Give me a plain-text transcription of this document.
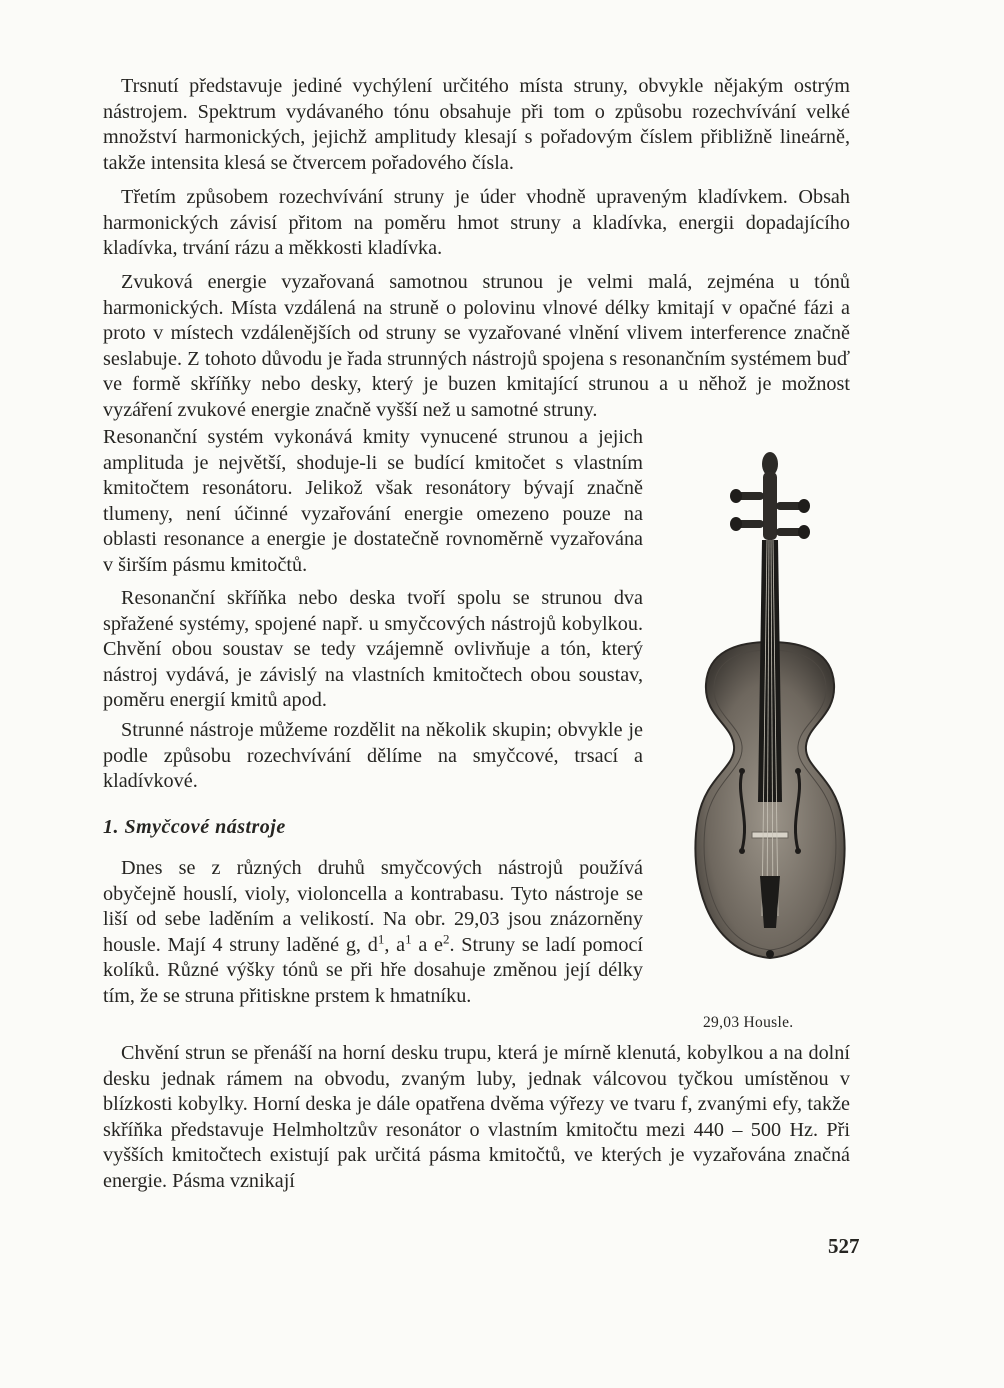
Trsnutí představuje jediné vychýlení určitého místa struny, obvykle nějakým ostrým nástrojem. Spektrum vydávaného tónu obsahuje při tom o způsobu rozechvívání velké množství harmonických, jejichž amplitudy klesají s pořadovým číslem přibližně lineárně, takže intensita klesá se čtvercem pořadového čísla.

Třetím způsobem rozechvívání struny je úder vhodně upraveným kladívkem. Obsah harmonických závisí přitom na poměru hmot struny a kladívka, energii dopadajícího kladívka, trvání rázu a měkkosti kladívka.

Zvuková energie vyzařovaná samotnou strunou je velmi malá, zejména u tónů harmonických. Místa vzdálená na struně o polovinu vlnové délky kmitají v opačné fázi a proto v místech vzdálenějších od struny se vyzařované vlnění vlivem interference značně seslabuje. Z tohoto důvodu je řada strunných nástrojů spojena s resonančním systémem buď ve formě skříňky nebo desky, který je buzen kmitající strunou a u něhož je možnost vyzáření zvukové energie značně vyšší než u samotné struny.

Resonanční systém vykonává kmity vynucené strunou a jejich amplituda je největší, shoduje-li se budící kmitočet s vlastním kmitočtem resonátoru. Jelikož však resonátory bývají značně tlumeny, není účinné vyzařování energie omezeno pouze na oblasti resonance a energie je dostatečně rovnoměrně vyzařována v širším pásmu kmitočtů.

Resonanční skříňka nebo deska tvoří spolu se strunou dva spřažené systémy, spojené např. u smyčcových nástrojů kobylkou. Chvění obou soustav se tedy vzájemně ovlivňuje a tón, který nástroj vydává, je závislý na vlastních kmitočtech obou soustav, poměru energií kmitů apod.

Strunné nástroje můžeme rozdělit na několik skupin; obvykle je podle způsobu rozechvívání dělíme na smyčcové, trsací a kladívkové.

1. Smyčcové nástroje

Dnes se z různých druhů smyčcových nástrojů používá obyčejně houslí, violy, violoncella a kontrabasu. Tyto nástroje se liší od sebe laděním a velikostí. Na obr. 29,03 jsou znázorněny housle. Mají 4 struny laděné g, $d^1$, $a^1$ a $e^2$. Struny se ladí pomocí kolíků. Různé výšky tónů se při hře dosahuje změnou její délky tím, že se struna přitiskne prstem k hmatníku.

Chvění strun se přenáší na horní desku trupu, která je mírně klenutá, kobylkou a na dolní desku jednak rámem na obvodu, zvaným luby, jednak válcovou tyčkou umístěnou v blízkosti kobylky. Horní deska je dále opatřena dvěma výřezy ve tvaru f, zvanými efy, takže skříňka představuje Helmholtzův resonátor o vlastním kmitočtu mezi 440 – 500 Hz. Při vyšších kmitočtech existují pak určitá pásma kmitočtů, ve kterých je vyzařována značná energie. Pásma vznikají

29,03 Housle.
527
